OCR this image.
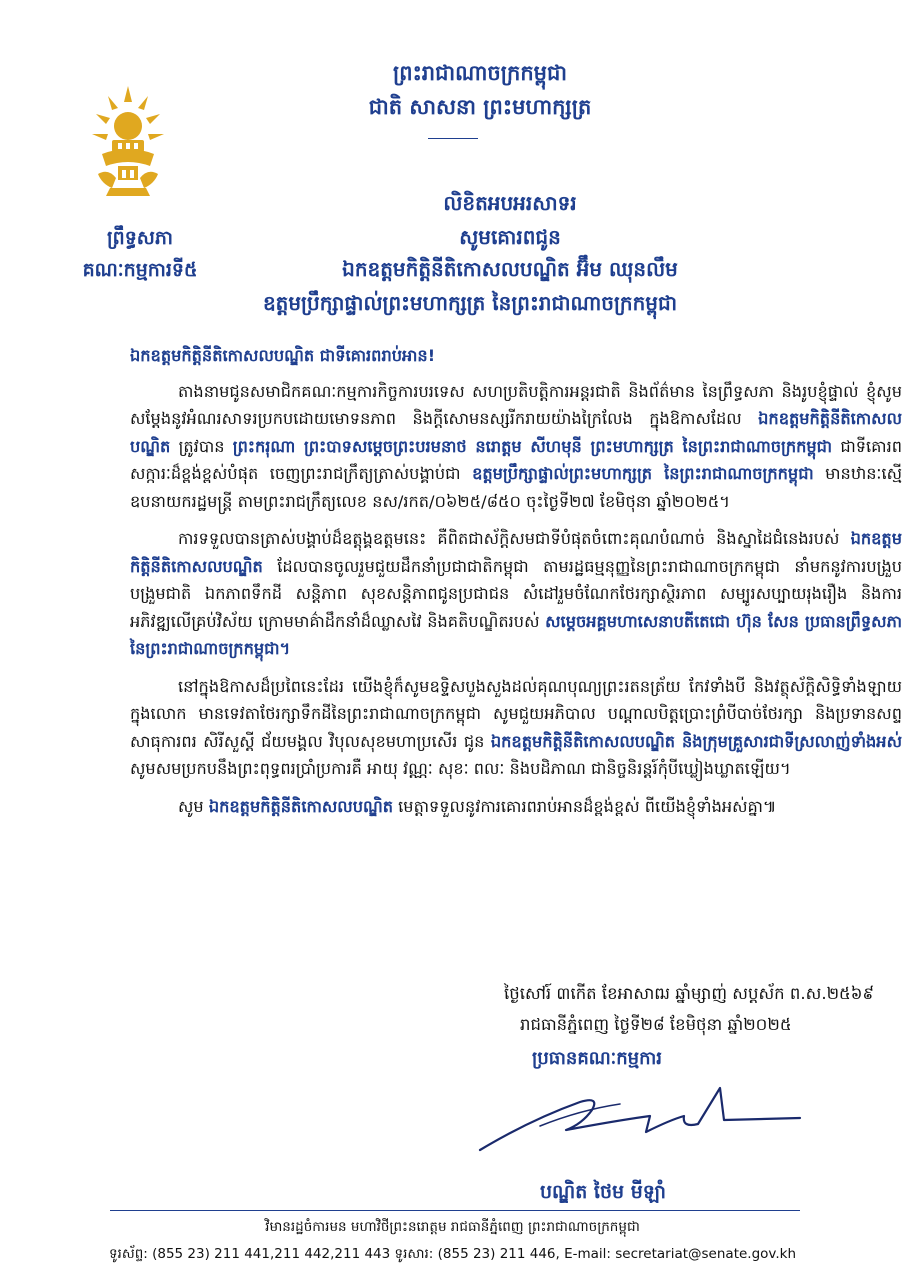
ព្រះរាជាណាចក្រកម្ពុជា
ជាតិ សាសនា ព្រះមហាក្សត្រ
ព្រឹទ្ធសភា
គណៈកម្មការទី៥
លិខិតអបអរសាទរ
សូមគោរពជូន
ឯកឧត្តមកិត្តិនីតិកោសលបណ្ឌិត អ៊ឹម ឈុនលឹម
ឧត្តមប្រឹក្សាផ្ទាល់ព្រះមហាក្សត្រ នៃព្រះរាជាណាចក្រកម្ពុជា

ឯកឧត្តមកិត្តិនីតិកោសលបណ្ឌិត ជាទីគោរពរាប់អាន!

តាងនាមជូនសមាជិកគណៈកម្មការកិច្ចការបរទេស សហប្រតិបត្តិការអន្តរជាតិ និងព័ត៌មាន នៃព្រឹទ្ធសភា និងរូបខ្ញុំផ្ទាល់ ខ្ញុំសូមសម្តែងនូវអំណរសាទរប្រកបដោយមោទនភាព និងក្តីសោមនស្សរីករាយយ៉ាងក្រៃលែង ក្នុងឱកាសដែល ឯកឧត្តមកិត្តិនីតិកោសលបណ្ឌិត ត្រូវបាន ព្រះករុណា ព្រះបាទសម្តេចព្រះបរមនាថ នរោត្តម សីហមុនី ព្រះមហាក្សត្រ នៃព្រះរាជាណាចក្រកម្ពុជា ជាទីគោរពសក្ការៈដ៏ខ្ពង់ខ្ពស់បំផុត ចេញព្រះរាជក្រឹត្យត្រាស់បង្គាប់ជា ឧត្តមប្រឹក្សាផ្ទាល់ព្រះមហាក្សត្រ នៃព្រះរាជាណាចក្រកម្ពុជា មានឋានៈស្មើឧបនាយករដ្ឋមន្ត្រី តាមព្រះរាជក្រឹត្យលេខ នស/រកត/០៦២៥/៨៥០ ចុះថ្ងៃទី២៧ ខែមិថុនា ឆ្នាំ២០២៥។

ការទទួលបានត្រាស់បង្គាប់ដ៏ឧត្តុង្គឧត្តមនេះ គឺពិតជាស័ក្តិសមជាទីបំផុតចំពោះគុណបំណាច់ និងស្នាដៃជំនេងរបស់ ឯកឧត្តមកិត្តិនីតិកោសលបណ្ឌិត ដែលបានចូលរួមជួយដឹកនាំប្រជាជាតិកម្ពុជា តាមរដ្ឋធម្មនុញ្ញនៃព្រះរាជាណាចក្រកម្ពុជា នាំមកនូវការបង្រួបបង្រួមជាតិ ឯកភាពទឹកដី សន្តិភាព សុខសន្តិភាពជូនប្រជាជន សំដៅរួមចំណែកថែរក្សាស្ថិរភាព សម្បូរសប្បាយរុងរឿង និងការអភិវឌ្ឍលើគ្រប់វិស័យ ក្រោមមាគ៌ាដឹកនាំដ៏ឈ្លាសវៃ និងគតិបណ្ឌិតរបស់ សម្តេចអគ្គមហាសេនាបតីតេជោ ហ៊ុន សែន ប្រធានព្រឹទ្ធសភា នៃព្រះរាជាណាចក្រកម្ពុជា។

នៅក្នុងឱកាសដ៏ប្រពៃនេះដែរ យើងខ្ញុំក៏សូមឧទ្ទិសបួងសួងដល់គុណបុណ្យព្រះរតនត្រ័យ កែវទាំងបី និងវត្ថុស័ក្តិសិទ្ធិទាំងឡាយក្នុងលោក មានទេវតាថែរក្សាទឹកដីនៃព្រះរាជាណាចក្រកម្ពុជា សូមជួយអភិបាល បណ្តាលបិត្តប្រោះព្រំបីបាច់ថែរក្សា និងប្រទានសព្ទសាធុការពរ សិរីសួស្តី ជ័យមង្គល វិបុលសុខមហាប្រសើរ ជូន ឯកឧត្តមកិត្តិនីតិកោសលបណ្ឌិត និងក្រុមគ្រួសារជាទីស្រលាញ់ទាំងអស់ សូមសមប្រកបនឹងព្រះពុទ្ធពរប្រាំប្រការគឺ អាយុ វណ្ណៈ សុខៈ ពលៈ និងបដិភាណ ជានិច្ចនិរន្តរ៍កុំបីឃ្លៀងឃ្លាតឡើយ។

សូម ឯកឧត្តមកិត្តិនីតិកោសលបណ្ឌិត មេត្តាទទួលនូវការគោរពរាប់អានដ៏ខ្ពង់ខ្ពស់ ពីយើងខ្ញុំទាំងអស់គ្នា៕

ថ្ងៃសៅរ៍ ៣កើត ខែអាសាឍ ឆ្នាំម្សាញ់ សប្តស័ក ព.ស.២៥៦៩
រាជធានីភ្នំពេញ ថ្ងៃទី២៨ ខែមិថុនា ឆ្នាំ២០២៥
ប្រធានគណៈកម្មការ
បណ្ឌិត ថៃម មីឡាំ
វិមានរដ្ឋចំការមន មហាវិថីព្រះនរោត្តម រាជធានីភ្នំពេញ ព្រះរាជាណាចក្រកម្ពុជា
ទូរស័ព្ទ: (855 23) 211 441,211 442,211 443 ទូរសារ: (855 23) 211 446, E-mail: secretariat@senate.gov.kh
